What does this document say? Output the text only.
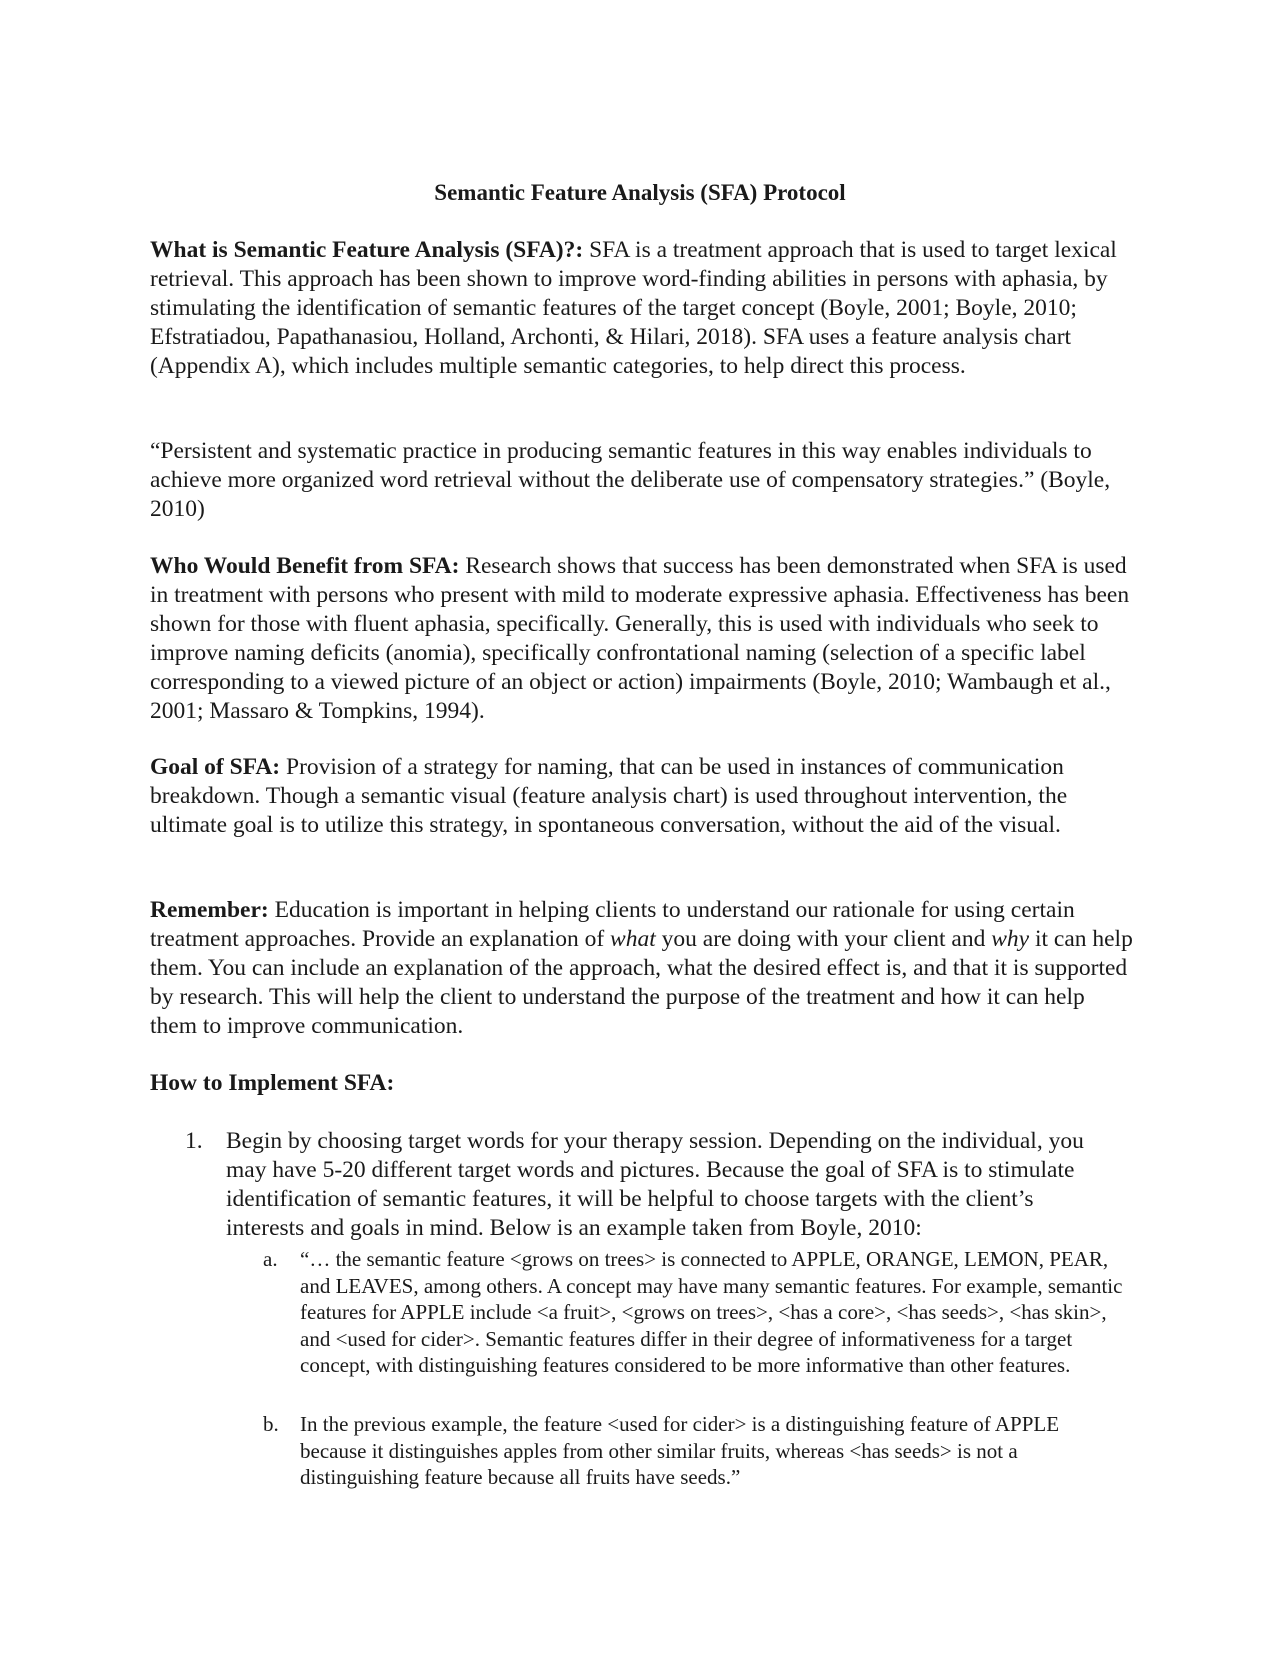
Semantic Feature Analysis (SFA) Protocol

What is Semantic Feature Analysis (SFA)?: SFA is a treatment approach that is used to target lexical retrieval. This approach has been shown to improve word-finding abilities in persons with aphasia, by stimulating the identification of semantic features of the target concept (Boyle, 2001; Boyle, 2010; Efstratiadou, Papathanasiou, Holland, Archonti, & Hilari, 2018). SFA uses a feature analysis chart (Appendix A), which includes multiple semantic categories, to help direct this process.

“Persistent and systematic practice in producing semantic features in this way enables individuals to achieve more organized word retrieval without the deliberate use of compensatory strategies.” (Boyle, 2010)

Who Would Benefit from SFA: Research shows that success has been demonstrated when SFA is used in treatment with persons who present with mild to moderate expressive aphasia. Effectiveness has been shown for those with fluent aphasia, specifically. Generally, this is used with individuals who seek to improve naming deficits (anomia), specifically confrontational naming (selection of a specific label corresponding to a viewed picture of an object or action) impairments (Boyle, 2010; Wambaugh et al., 2001; Massaro & Tompkins, 1994).

Goal of SFA: Provision of a strategy for naming, that can be used in instances of communication breakdown. Though a semantic visual (feature analysis chart) is used throughout intervention, the ultimate goal is to utilize this strategy, in spontaneous conversation, without the aid of the visual.

Remember: Education is important in helping clients to understand our rationale for using certain treatment approaches. Provide an explanation of what you are doing with your client and why it can help them. You can include an explanation of the approach, what the desired effect is, and that it is supported by research. This will help the client to understand the purpose of the treatment and how it can help them to improve communication.

How to Implement SFA:

1. Begin by choosing target words for your therapy session. Depending on the individual, you may have 5-20 different target words and pictures. Because the goal of SFA is to stimulate identification of semantic features, it will be helpful to choose targets with the client’s interests and goals in mind. Below is an example taken from Boyle, 2010:
a. “… the semantic feature <grows on trees> is connected to APPLE, ORANGE, LEMON, PEAR, and LEAVES, among others. A concept may have many semantic features. For example, semantic features for APPLE include <a fruit>, <grows on trees>, <has a core>, <has seeds>, <has skin>, and <used for cider>. Semantic features differ in their degree of informativeness for a target concept, with distinguishing features considered to be more informative than other features.
b. In the previous example, the feature <used for cider> is a distinguishing feature of APPLE because it distinguishes apples from other similar fruits, whereas <has seeds> is not a distinguishing feature because all fruits have seeds.”
